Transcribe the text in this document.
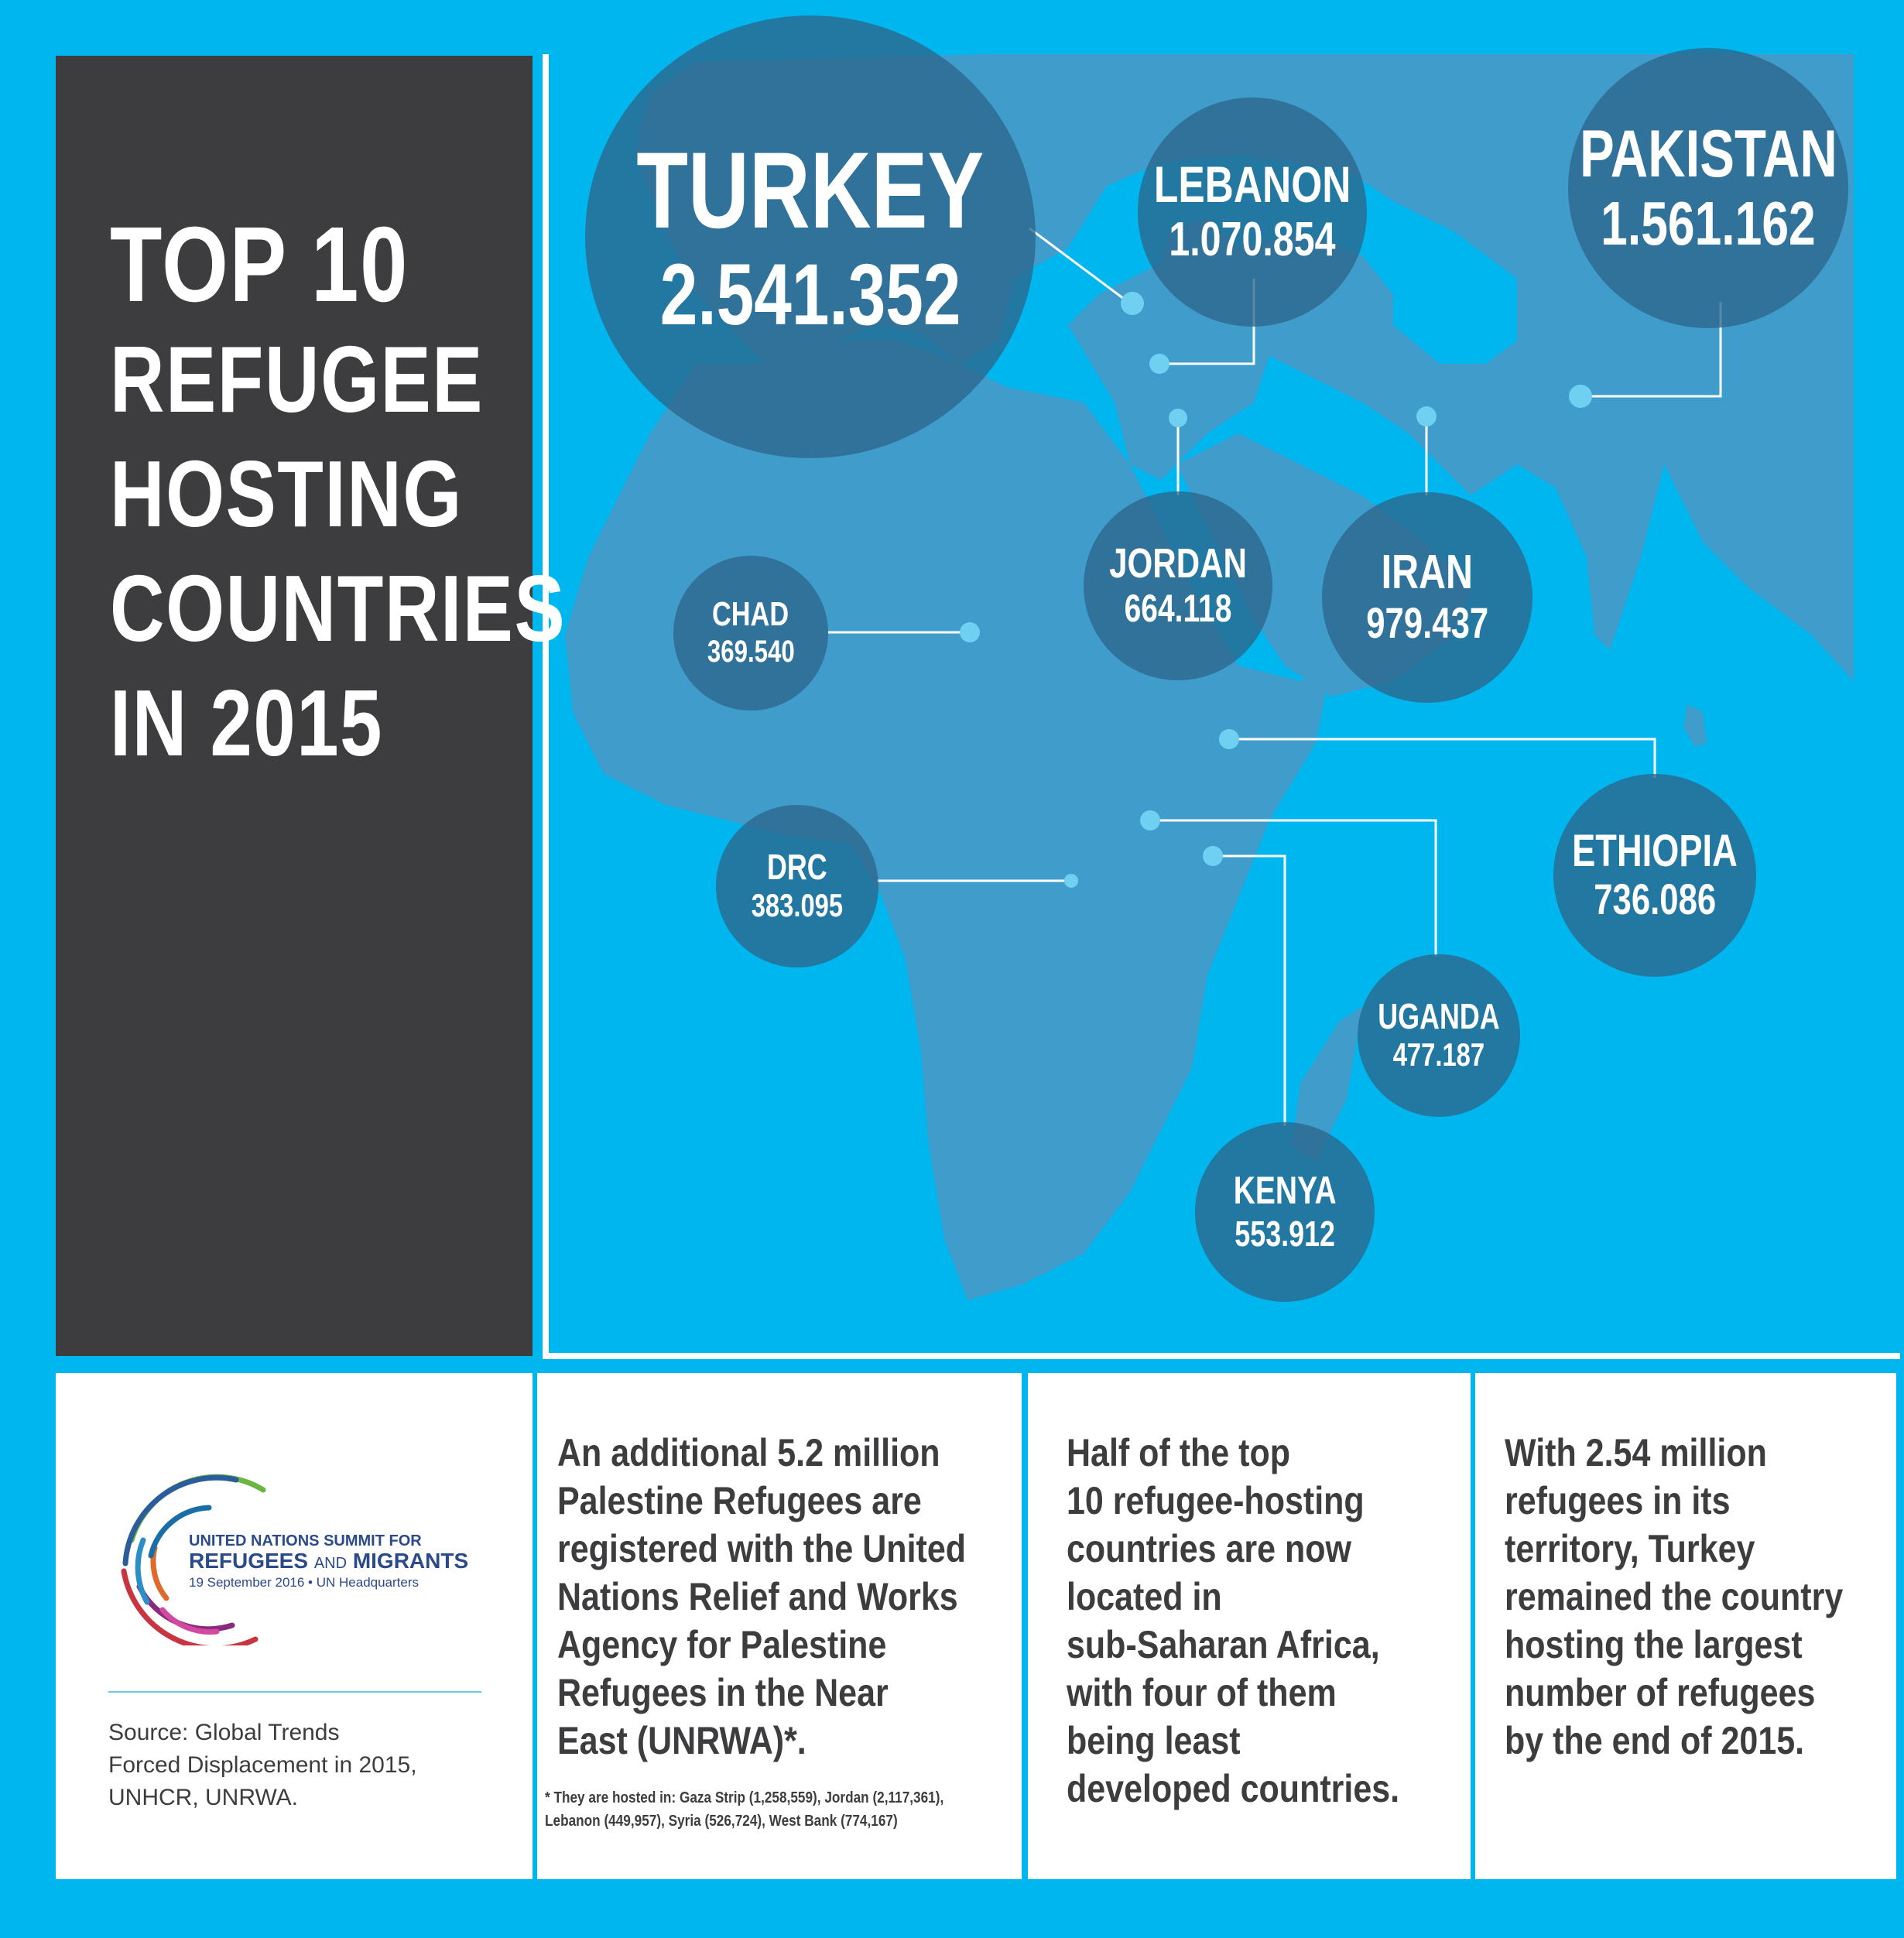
TOP 10
REFUGEE
HOSTING
COUNTRIES
IN 2015
TURKEY
2.541.352
LEBANON
1.070.854
PAKISTAN
1.561.162
JORDAN
664.118
IRAN
979.437
CHAD
369.540
ETHIOPIA
736.086
DRC
383.095
UGANDA
477.187
KENYA
553.912
UNITED NATIONS SUMMIT FOR
REFUGEES AND MIGRANTS
19 September 2016 • UN Headquarters
Source: Global Trends
Forced Displacement in 2015,
UNHCR, UNRWA.
An additional 5.2 million
Palestine Refugees are
registered with the United
Nations Relief and Works
Agency for Palestine
Refugees in the Near
East (UNRWA)*.
* They are hosted in: Gaza Strip (1,258,559), Jordan (2,117,361),
Lebanon (449,957), Syria (526,724), West Bank (774,167)
Half of the top
10 refugee-hosting
countries are now
located in
sub-Saharan Africa,
with four of them
being least
developed countries.
With 2.54 million
refugees in its
territory, Turkey
remained the country
hosting the largest
number of refugees
by the end of 2015.
